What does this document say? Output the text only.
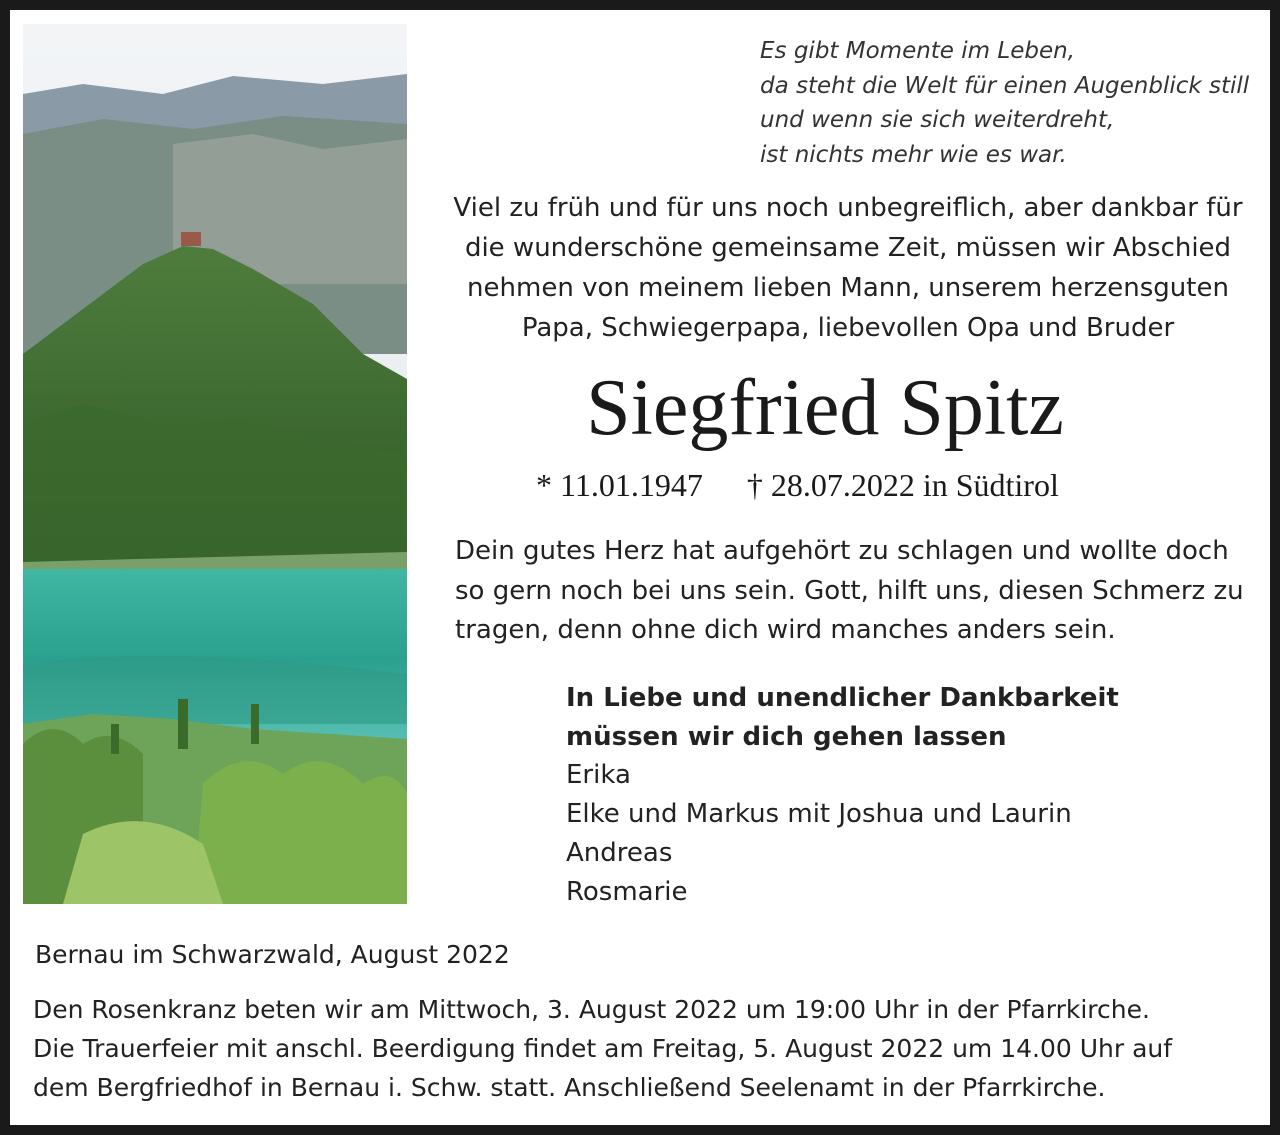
Es gibt Momente im Leben,
da steht die Welt für einen Augenblick still
und wenn sie sich weiterdreht,
ist nichts mehr wie es war.
Viel zu früh und für uns noch unbegreiflich, aber dankbar für
die wunderschöne gemeinsame Zeit, müssen wir Abschied
nehmen von meinem lieben Mann, unserem herzensguten
Papa, Schwiegerpapa, liebevollen Opa und Bruder
Siegfried Spitz
* 11.01.1947 † 28.07.2022 in Südtirol
Dein gutes Herz hat aufgehört zu schlagen und wollte doch
so gern noch bei uns sein. Gott, hilft uns, diesen Schmerz zu
tragen, denn ohne dich wird manches anders sein.
In Liebe und unendlicher Dankbarkeit
müssen wir dich gehen lassen
Erika
Elke und Markus mit Joshua und Laurin
Andreas
Rosmarie
Bernau im Schwarzwald, August 2022
Den Rosenkranz beten wir am Mittwoch, 3. August 2022 um 19:00 Uhr in der Pfarrkirche.
Die Trauerfeier mit anschl. Beerdigung findet am Freitag, 5. August 2022 um 14.00 Uhr auf
dem Bergfriedhof in Bernau i. Schw. statt. Anschließend Seelenamt in der Pfarrkirche.
